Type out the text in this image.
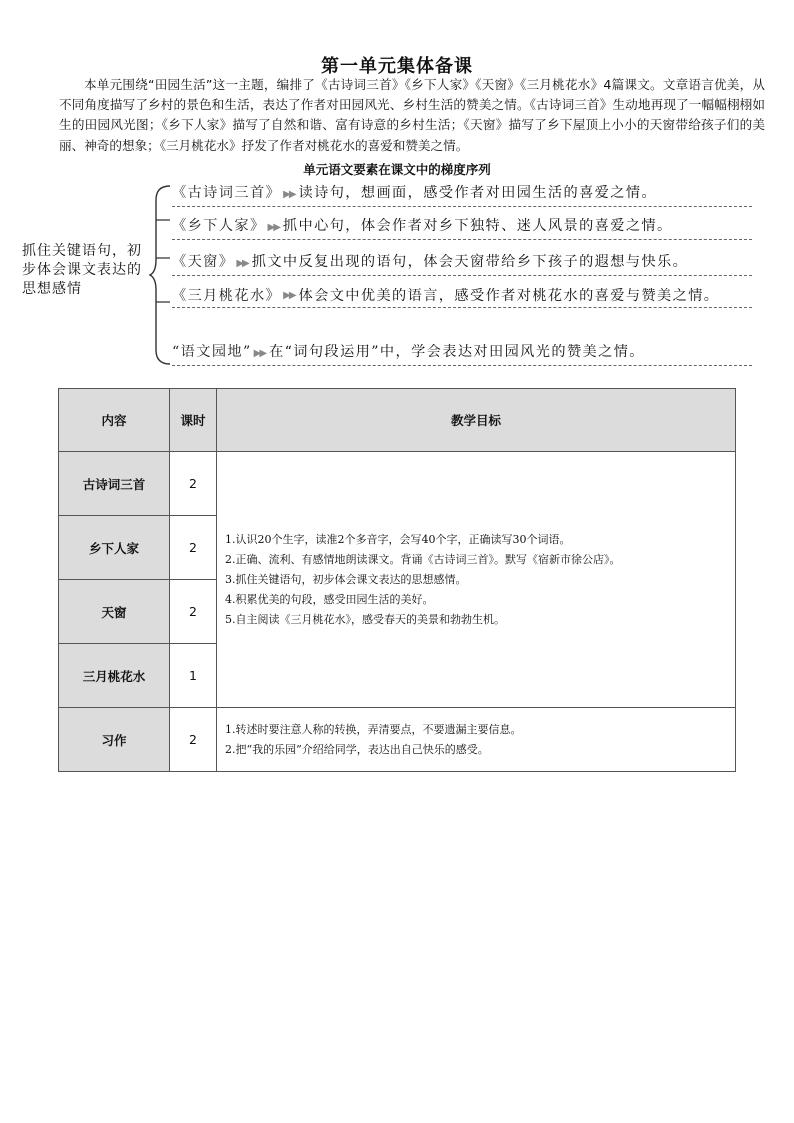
第一单元集体备课
本单元围绕“田园生活”这一主题，编排了《古诗词三首》《乡下人家》《天窗》《三月桃花水》4篇课文。文章语言优美，从不同角度描写了乡村的景色和生活，表达了作者对田园风光、乡村生活的赞美之情。《古诗词三首》生动地再现了一幅幅栩栩如生的田园风光图；《乡下人家》描写了自然和谐、富有诗意的乡村生活；《天窗》描写了乡下屋顶上小小的天窗带给孩子们的美丽、神奇的想象；《三月桃花水》抒发了作者对桃花水的喜爱和赞美之情。
单元语文要素在课文中的梯度序列
抓住关键语句，初步体会课文表达的思想感情
《古诗词三首》 ▶▶ 读诗句，想画面，感受作者对田园生活的喜爱之情。
《乡下人家》 ▶▶ 抓中心句，体会作者对乡下独特、迷人风景的喜爱之情。
《天窗》 ▶▶ 抓文中反复出现的语句，体会天窗带给乡下孩子的遐想与快乐。
《三月桃花水》 ▶▶ 体会文中优美的语言，感受作者对桃花水的喜爱与赞美之情。
“语文园地” ▶▶ 在“词句段运用”中，学会表达对田园风光的赞美之情。
内容	课时	教学目标
古诗词三首	2	1.认识20个生字，读准2个多音字，会写40个字，正确读写30个词语。
2.正确、流利、有感情地朗读课文。背诵《古诗词三首》。默写《宿新市徐公店》。
3.抓住关键语句，初步体会课文表达的思想感情。
4.积累优美的句段，感受田园生活的美好。
5.自主阅读《三月桃花水》，感受春天的美景和勃勃生机。

乡下人家	2	
天窗	2	
三月桃花水	1	
习作	2	1.转述时要注意人称的转换，弄清要点，不要遗漏主要信息。
2.把“我的乐园”介绍给同学，表达出自己快乐的感受。
